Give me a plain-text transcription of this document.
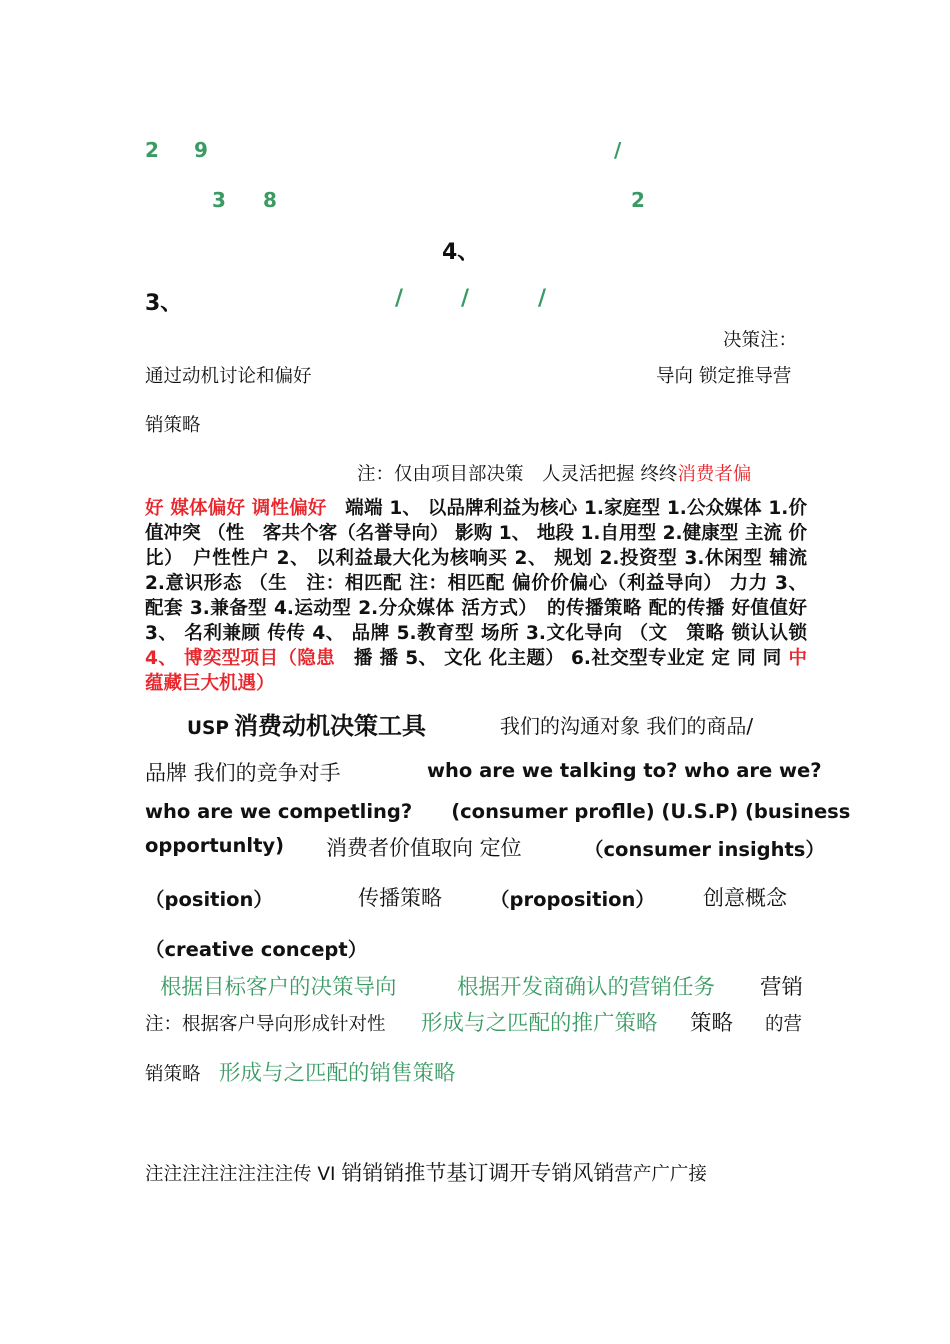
2 9	/
3 8	2
4、
3、	/	/	/
决策注：
通过动机讨论和偏好	导向 锁定推导营
销策略
注：仅由项目部决策　人灵活把握 终终消费者偏
好 媒体偏好 调性偏好　端端 1、 以品牌利益为核心 1.家庭型 1.公众媒体 1.价值冲突 （性　客共个客（名誉导向） 影购 1、 地段 1.自用型 2.健康型 主流 价比）　户性性户 2、 以利益最大化为核响买 2、 规划 2.投资型 3.休闲型 辅流 2.意识形态 （生　注：相匹配 注：相匹配 偏价价偏心（利益导向） 力力 3、 配套 3.兼备型 4.运动型 2.分众媒体 活方式）　的传播策略 配的传播 好值值好 3、 名利兼顾 传传 4、 品牌 5.教育型 场所 3.文化导向 （文　策略 锁认认锁 4、 博奕型项目（隐患　播 播 5、 文化 化主题） 6.社交型专业定 定 同 同 中蕴藏巨大机遇）
USP 消费动机决策工具	我们的沟通对象 我们的商品/
品牌 我们的竞争对手	who are we talking to? who are we?
who are we competling?　　(consumer proflle) (U.S.P) (business
opportunlty) 消费者价值取向 定位	（consumer insights）
（position）	传播策略 （proposition） 创意概念
（creative concept）
根据目标客户的决策导向	根据开发商确认的营销任务 营销
注：根据客户导向形成针对性 形成与之匹配的推广策略 策略 的营
销策略 形成与之匹配的销售策略
注注注注注注注注传 VI 销销销推节基订调开专销风销营产广广接
